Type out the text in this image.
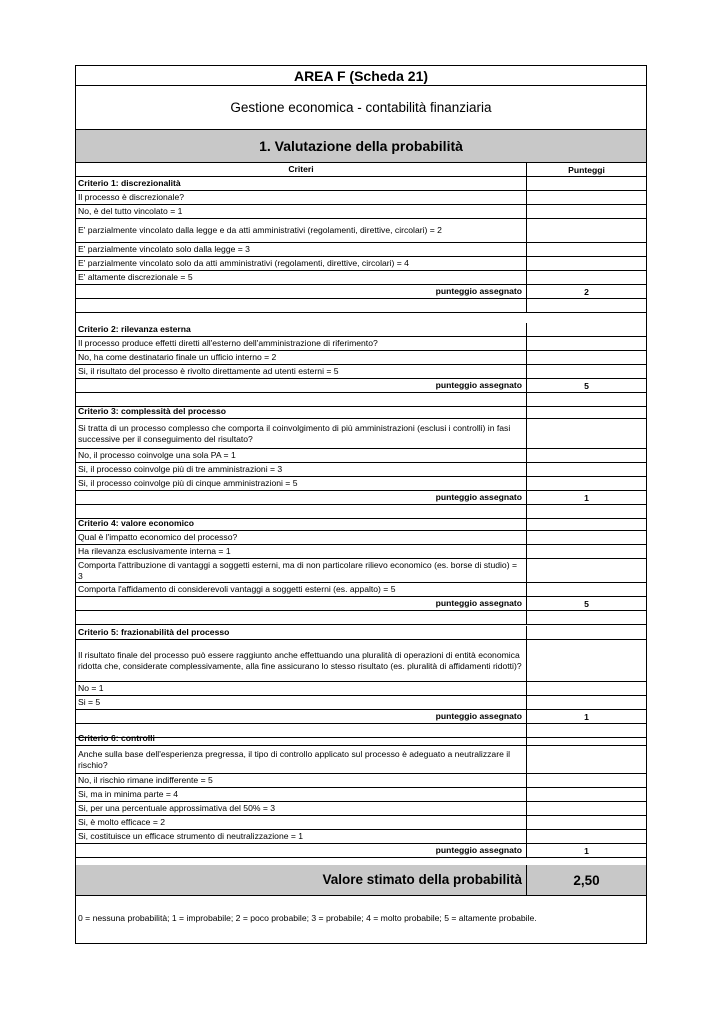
AREA F (Scheda 21)
Gestione economica - contabilità finanziaria
1. Valutazione della probabilità
Criteri	Punteggi
Criterio 1: discrezionalità
Il processo è discrezionale?
No, è del tutto vincolato = 1
E' parzialmente vincolato dalla legge e da atti amministrativi (regolamenti, direttive, circolari) = 2
E' parzialmente vincolato solo dalla legge = 3
E' parzialmente vincolato solo da atti amministrativi (regolamenti, direttive, circolari) = 4
E' altamente discrezionale = 5
punteggio assegnato	2
Criterio 2: rilevanza esterna
Il processo produce effetti diretti all'esterno dell'amministrazione di riferimento?
No, ha come destinatario finale un ufficio interno = 2
Si, il risultato del processo è rivolto direttamente ad utenti esterni = 5
punteggio assegnato	5
Criterio 3: complessità del processo
Si tratta di un processo complesso che comporta il coinvolgimento di più amministrazioni (esclusi i controlli) in fasi successive per il conseguimento del risultato?
No, il processo coinvolge una sola PA = 1
Si, il processo coinvolge più di tre amministrazioni = 3
Si, il processo coinvolge più di cinque amministrazioni = 5
punteggio assegnato	1
Criterio 4: valore economico
Qual è l'impatto economico del processo?
Ha rilevanza esclusivamente interna = 1
Comporta l'attribuzione di vantaggi a soggetti esterni, ma di non particolare rilievo economico (es. borse di studio) = 3
Comporta l'affidamento di considerevoli vantaggi a soggetti esterni (es. appalto) = 5
punteggio assegnato	5
Criterio 5: frazionabilità del processo
Il risultato finale del processo può essere raggiunto anche effettuando una pluralità di operazioni di entità economica ridotta che, considerate complessivamente, alla fine assicurano lo stesso risultato (es. pluralità di affidamenti ridotti)?
No = 1
Si = 5
punteggio assegnato	1
Criterio 6: controlli
Anche sulla base dell'esperienza pregressa, il tipo di controllo applicato sul processo è adeguato a neutralizzare il rischio?
No, il rischio rimane indifferente = 5
Si, ma in minima parte = 4
Si, per una percentuale approssimativa del 50% = 3
Si, è molto efficace = 2
Si, costituisce un efficace strumento di neutralizzazione = 1
punteggio assegnato	1
Valore stimato della probabilità	2,50
0 = nessuna probabilità; 1 = improbabile; 2 = poco probabile; 3 = probabile; 4 = molto probabile; 5 = altamente probabile.
